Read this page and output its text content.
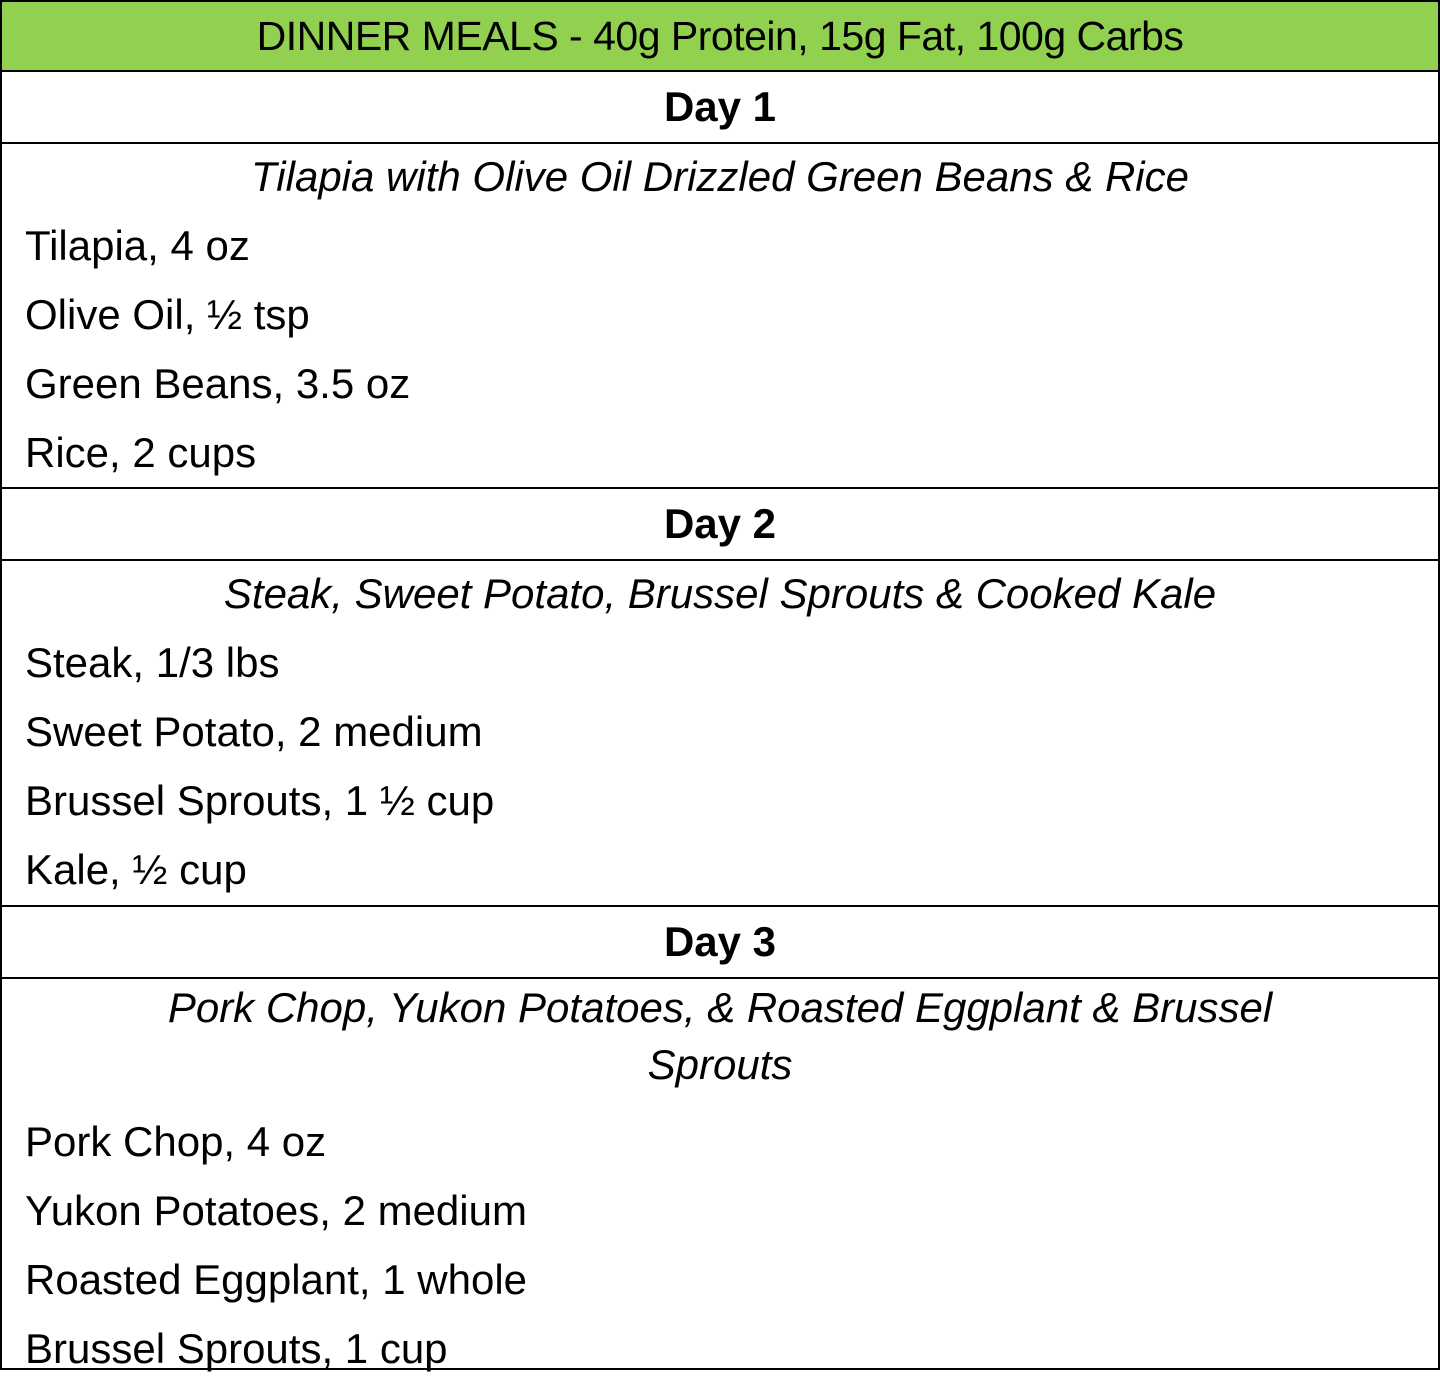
DINNER MEALS - 40g Protein, 15g Fat, 100g Carbs
Day 1
Tilapia with Olive Oil Drizzled Green Beans & Rice
Tilapia, 4 oz
Olive Oil, ½ tsp
Green Beans, 3.5 oz
Rice, 2 cups
Day 2
Steak, Sweet Potato, Brussel Sprouts & Cooked Kale
Steak, 1/3 lbs
Sweet Potato, 2 medium
Brussel Sprouts, 1 ½ cup
Kale, ½ cup
Day 3
Pork Chop, Yukon Potatoes, & Roasted Eggplant & Brussel Sprouts
Pork Chop, 4 oz
Yukon Potatoes, 2 medium
Roasted Eggplant, 1 whole
Brussel Sprouts, 1 cup
